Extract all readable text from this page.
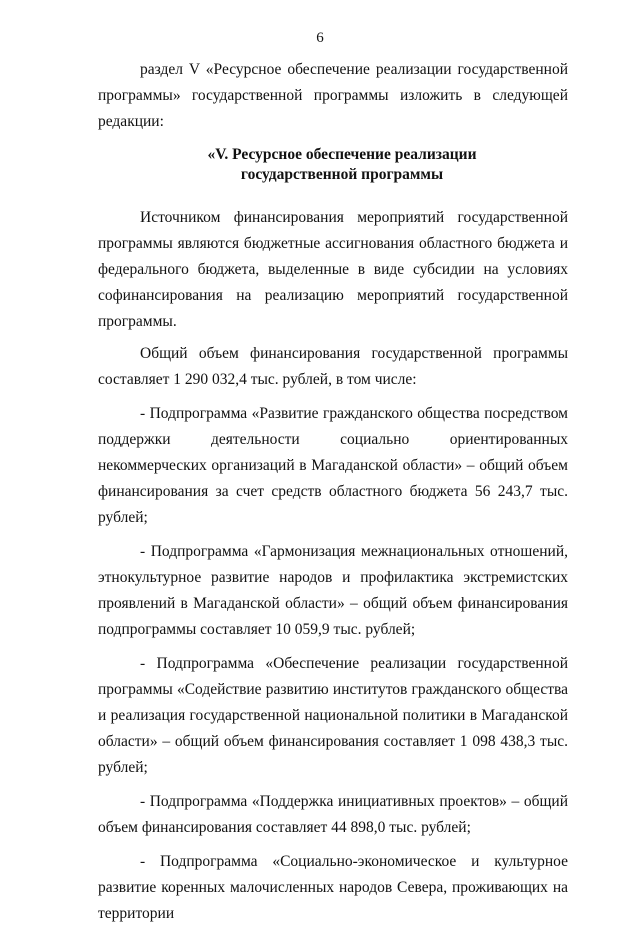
6

раздел V «Ресурсное обеспечение реализации государственной программы» государственной программы изложить в следующей редакции:

«V. Ресурсное обеспечение реализации
государственной программы

Источником финансирования мероприятий государственной программы являются бюджетные ассигнования областного бюджета и федерального бюджета, выделенные в виде субсидии на условиях софинансирования на реализацию мероприятий государственной программы.

Общий объем финансирования государственной программы составляет 1 290 032,4 тыс. рублей, в том числе:

- Подпрограмма «Развитие гражданского общества посредством поддержки деятельности социально ориентированных некоммерческих организаций в Магаданской области» – общий объем финансирования за счет средств областного бюджета 56 243,7 тыс. рублей;

- Подпрограмма «Гармонизация межнациональных отношений, этнокультурное развитие народов и профилактика экстремистских проявлений в Магаданской области» – общий объем финансирования подпрограммы составляет 10 059,9 тыс. рублей;

- Подпрограмма «Обеспечение реализации государственной программы «Содействие развитию институтов гражданского общества и реализация государственной национальной политики в Магаданской области» – общий объем финансирования составляет 1 098 438,3 тыс. рублей;

- Подпрограмма «Поддержка инициативных проектов» – общий объем финансирования составляет 44 898,0 тыс. рублей;

- Подпрограмма «Социально-экономическое и культурное развитие коренных малочисленных народов Севера, проживающих на территории
